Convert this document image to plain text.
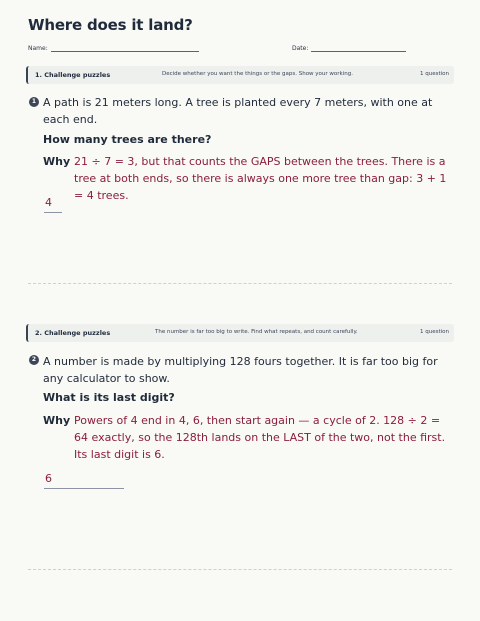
Where does it land?
Name:	Date:
1. Challenge puzzles	Decide whether you want the things or the gaps. Show your working.	1 question
1 A path is 21 meters long. A tree is planted every 7 meters, with one at each end.
How many trees are there?
Why 21 ÷ 7 = 3, but that counts the GAPS between the trees. There is a tree at both ends, so there is always one more tree than gap: 3 + 1 = 4 trees.
4
2. Challenge puzzles	The number is far too big to write. Find what repeats, and count carefully.	1 question
2 A number is made by multiplying 128 fours together. It is far too big for any calculator to show.
What is its last digit?
Why Powers of 4 end in 4, 6, then start again — a cycle of 2. 128 ÷ 2 = 64 exactly, so the 128th lands on the LAST of the two, not the first. Its last digit is 6.
6
